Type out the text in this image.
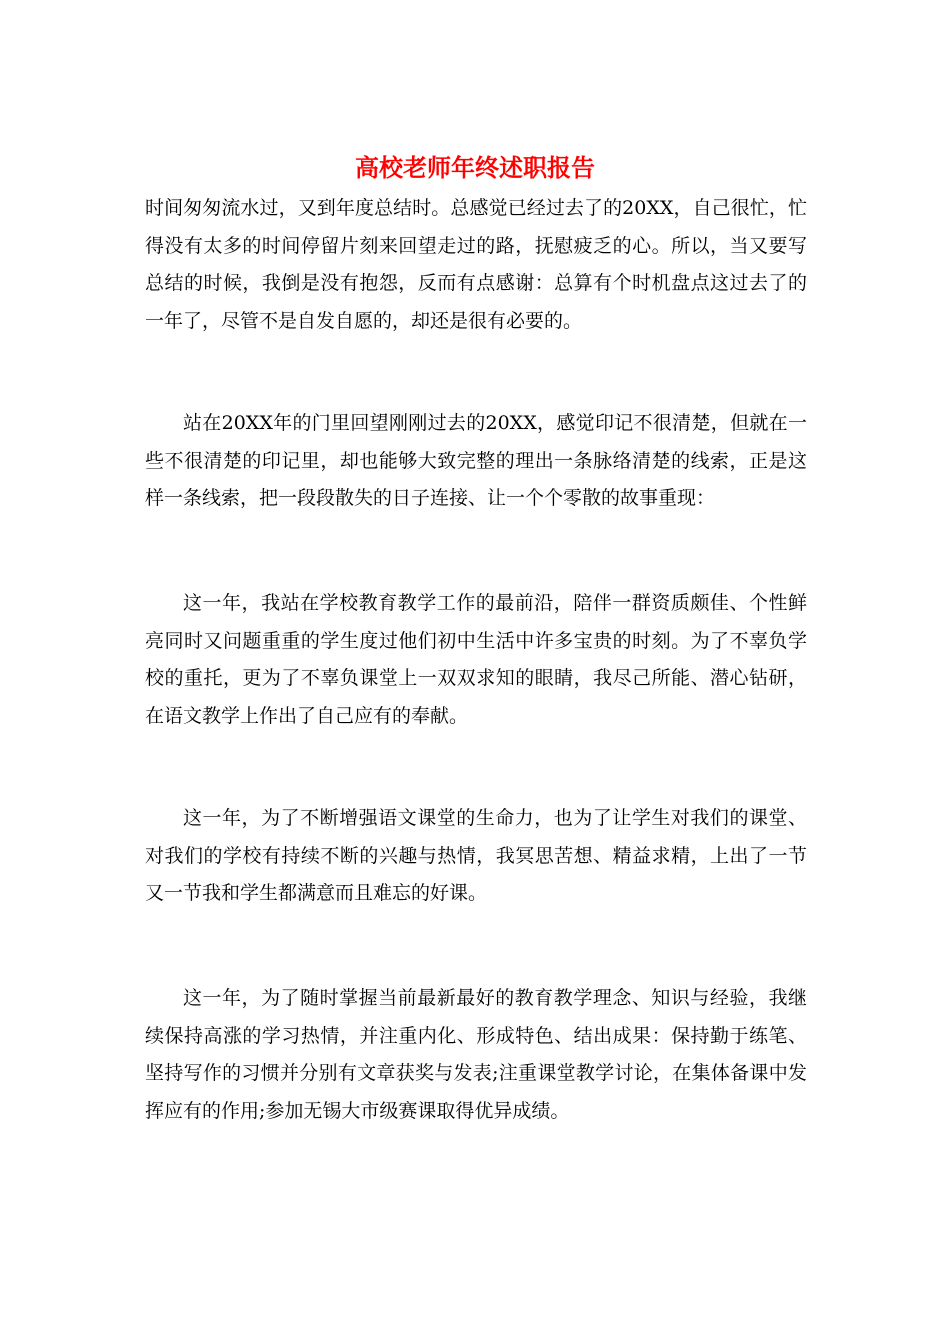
高校老师年终述职报告

时间匆匆流水过，又到年度总结时。总感觉已经过去了的20XX，自己很忙，忙得没有太多的时间停留片刻来回望走过的路，抚慰疲乏的心。所以，当又要写总结的时候，我倒是没有抱怨，反而有点感谢：总算有个时机盘点这过去了的一年了，尽管不是自发自愿的，却还是很有必要的。

站在20XX年的门里回望刚刚过去的20XX，感觉印记不很清楚，但就在一些不很清楚的印记里，却也能够大致完整的理出一条脉络清楚的线索，正是这样一条线索，把一段段散失的日子连接、让一个个零散的故事重现：

这一年，我站在学校教育教学工作的最前沿，陪伴一群资质颇佳、个性鲜亮同时又问题重重的学生度过他们初中生活中许多宝贵的时刻。为了不辜负学校的重托，更为了不辜负课堂上一双双求知的眼睛，我尽己所能、潜心钻研，在语文教学上作出了自己应有的奉献。

这一年，为了不断增强语文课堂的生命力，也为了让学生对我们的课堂、对我们的学校有持续不断的兴趣与热情，我冥思苦想、精益求精，上出了一节又一节我和学生都满意而且难忘的好课。

这一年，为了随时掌握当前最新最好的教育教学理念、知识与经验，我继续保持高涨的学习热情，并注重内化、形成特色、结出成果：保持勤于练笔、坚持写作的习惯并分别有文章获奖与发表;注重课堂教学讨论，在集体备课中发挥应有的作用;参加无锡大市级赛课取得优异成绩。
